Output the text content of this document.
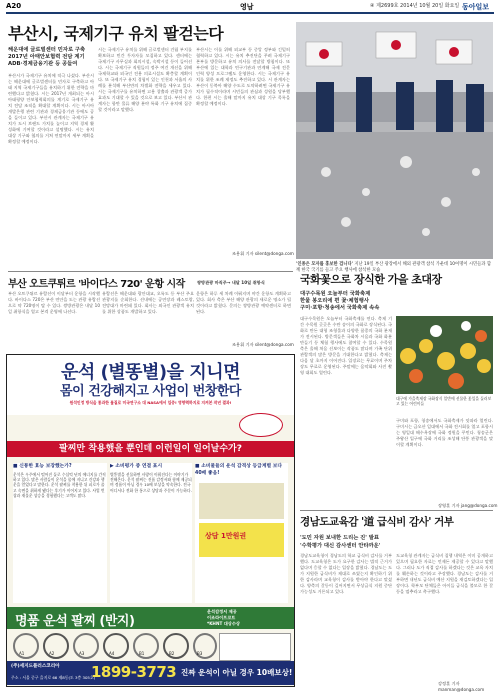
A20	영남	④ 제2699호 2014년 10월 20일 화요일 동아일보
부산시, 국제기구 유치 팔걷는다
해운대에 글로벌센터 민자로 구축
2017년 아태안보협력 전담 계기
ADB·경제금융기관 등 공들여
부산시가 국제기구 유치에 적극 나섰다. 부산시는 해운대에 글로벌센터를 민자로 구축하고 아태 지역 국제기구들을 유치하기 위한 전략을 마련했다고 밝혔다. 시는 2017년 개최되는 아시아태평양 안보협력회의를 계기로 국제기구 유치 전담 조직을 확대할 계획이다. 시는 아시아개발은행 관련 기관과 경제금융기관 등에도 공을 들이고 있다. 부산시 관계자는 국제기구 유치가 도시 브랜드 가치를 높이고 지역 경제 활성화에 기여할 것이라고 설명했다. 시는 유치 대상 기구와 협의를 거쳐 연말까지 세부 계획을 확정할 예정이다.
시는 국제기구 유치를 위해 글로벌센터 건립 부지를 확보하고 민간 투자자를 모집하고 있다. 센터에는 국제기구 사무실과 회의시설, 숙박시설 등이 들어선다. 시는 국제기구 직원들의 정주 여건 개선을 위해 국제학교와 외국인 전용 의료시설도 확충할 계획이다. 또 국제기구 유치 경험이 있는 인천과 서울의 사례를 분석해 부산만의 차별화 전략을 세우고 있다. 시는 국제기구를 유치하면 고용 창출과 관광객 증가 효과도 기대할 수 있을 것으로 보고 있다. 부산시 관계자는 항만 물류 해양 분야 특화 기구 유치에 집중할 것이라고 말했다.
부산시는 이를 위해 외교부 등 중앙 정부와 긴밀히 협력하고 있다. 시는 유치 추진단을 꾸려 국제기구 본부를 방문하고 유치 의사를 전달할 방침이다. 또 부산에 있는 대학과 연구기관과 연계해 국제 전문 인력 양성 프로그램도 운영한다. 시는 국제기구 유치를 위한 조례 제정도 추진하고 있다. 시 관계자는 부산이 동북아 해양 수도로 도약하려면 국제기구 유치가 필수적이라며 시민들의 관심과 성원을 당부했다. 한편 시는 올해 말까지 유치 대상 기구 목록을 확정할 예정이다.
조용휘 기자 silent@donga.com
'인종은 모자를 홍보한 겁니다' 지난 19일 부산 광장에서 해외 관광객 참석 가운데 10여명이 시민들과 함께 한국 국기를 들고 주요 행사에 참석한 모습
부산 오트쿠튀르 '바이다스 720' 운항 시작	쌍방관광 마직주→ 내달 10일 취항식
부산 오트쿠튀르 유람선이 이달부터 운항을 시작했다. 바이다스 720은 부산 연안을 도는 관광 유람선으로 약 720명이 탈 수 있다. 쌍방관광은 내달 10일 취항식을 열고 본격 운영에 나선다.
유람선은 해운대와 광안대교, 오륙도 등 부산 주요 관광지를 순회한다. 선내에는 공연장과 레스토랑, 전망대가 마련돼 있다. 회사는 외국인 관광객 유치를 위한 상품도 개발하고 있다.
운항은 하루 세 차례 이뤄지며 야간 운항도 계획하고 있다. 회사 측은 부산 해양 관광의 새로운 명소가 될 것이라고 밝혔다. 문의는 쌍방관광 예약센터로 하면 된다.
조용휘 기자 silent@donga.com
운석 (별똥별)을 지니면
몸이 건강해지고 사업이 번창한다
원석인정 방식을 통과한 물질로 미국연구소 대 NASA에서 입증! 영향력하지로 지켜본 작년 결과!
팔찌만 착용했을 뿐인데 이런일이 일어날수가?
■ 신통한 효능 보장했는가?
운석은 우주에서 떨어진 돌로 수십억 년의 에너지를 간직하고 있다. 많은 사람들이 운석을 몸에 지니고 건강과 행운을 얻었다고 말한다. 운석 팔찌를 착용한 뒤 피로가 줄고 숙면을 취하게 됐다는 후기가 이어지고 있다. 사업 번창과 재물운 상승을 경험했다는 고객도 많다.
▶ 소비평가 중 연결 표시
별똥별을 선물하면 사랑이 이뤄진다는 이야기가 전해온다. 운석 팔찌는 진품 감정서와 함께 제공되며 정품이 아닐 경우 10배 보상을 약속한다. 전국 어디서나 전화 한 통으로 상담과 주문이 가능하다.
■ 소비물들의 운석 감격상 등급계별 보다 40배 좋음!
상담 1만원권
명품 운석 팔찌 (반지)
운석감정서 제공
이조라이프코트
*KHNT 대상수상
A1	A2	A3	A4	B1	B2	B3
(주)세지드플러스코리아
주소 : 서울 중구 을지로 66 제8동(도 3층 305호)
1899-3773 진짜 운석이 아닐 경우 10배보상!
국화꽃으로 장식한 가을 초대장
대구수목원 오늘부터 국화축제
한물 봉오리에 편 꽃·체험행사
구미·포항·청송에서 국화축제 속속
대구수목원은 오늘부터 국화축제를 연다. 축제 기간 수목원 곳곳은 수만 송이의 국화로 장식된다. 국화로 만든 대형 조형물과 다양한 품종의 국화 분재가 전시된다. 방문객들은 국화차 시음과 국화 화분 만들기 등 체험 행사에도 참여할 수 있다. 수목원 측은 올해 처음 선보이는 작품도 많다며 가족 단위 관람객의 많은 방문을 기대한다고 밝혔다. 축제는 다음 달 초까지 이어진다. 입장료는 무료이며 주차장도 무료로 운영된다. 주말에는 음악회와 사진 촬영 대회도 열린다.
대구에 가을축제장 국화장식 일반에 선물한 꽃잎을 둘러보고 있는 어린이들
구미와 포항, 청송에서도 국화축제가 잇따라 열린다. 구미시는 금오산 일대에서 국화 전시회를 열고 포항시는 영일대 해수욕장에 국화 정원을 꾸민다. 청송군은 주왕산 입구에 국화 거리를 조성해 단풍 관광객을 맞이할 계획이다.
장영훈 기자 jang@donga.com
경남도교육감 '道 급식비 감사' 거부
'도민 자원 보내한 드리는 진' 발표
'수학평가 대신 감사센터 안타까운'
경남도교육청이 경남도의 학교 급식비 감사를 거부했다. 도교육청은 도가 요구한 감사는 법적 근거가 없다며 응할 수 없다는 입장을 밝혔다. 경남도는 도가 지원한 급식비가 제대로 쓰였는지 확인하기 위한 감사라며 교육청이 감사를 받아야 한다고 맞섰다. 양측의 갈등이 깊어지면서 무상급식 지원 중단 가능성도 거론되고 있다.
도교육청 관계자는 급식비 집행 내역은 이미 공개하고 있으며 필요한 자료는 언제든 제공할 수 있다고 말했다. 그러나 도가 직접 감사를 하겠다는 것은 교육 자치를 훼손하는 것이라고 주장했다. 경남도는 감사를 거부하면 내년도 급식비 예산 지원을 재검토하겠다는 입장이다. 학부모 단체들은 아이들 급식을 볼모로 한 갈등을 멈추라고 촉구했다.
강정훈 기자 manman@donga.com
